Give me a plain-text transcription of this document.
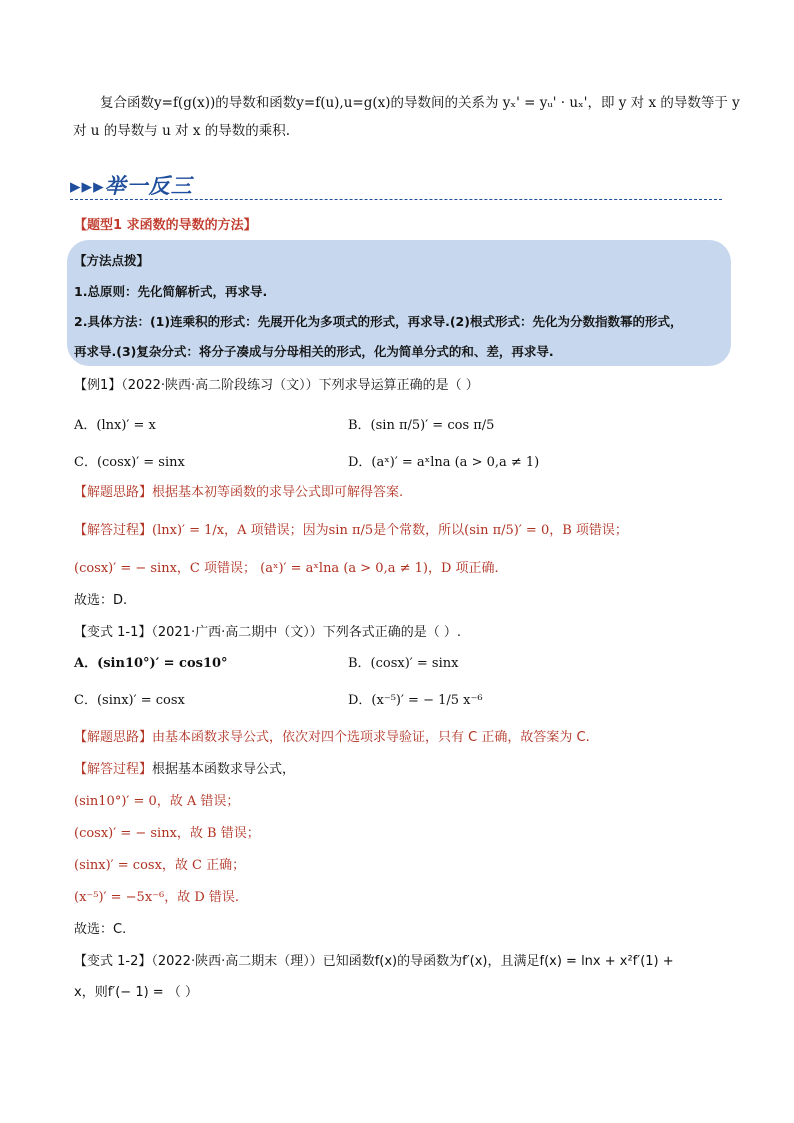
复合函数y=f(g(x))的导数和函数y=f(u),u=g(x)的导数间的关系为 yₓ' = yᵤ' · uₓ'，即 y 对 x 的导数等于 y
对 u 的导数与 u 对 x 的导数的乘积.
▸▸▸举一反三
【题型1 求函数的导数的方法】
【方法点拨】
1.总原则：先化简解析式，再求导.
2.具体方法：(1)连乘积的形式：先展开化为多项式的形式，再求导.(2)根式形式：先化为分数指数幂的形式，
再求导.(3)复杂分式：将分子凑成与分母相关的形式，化为简单分式的和、差，再求导.
【例1】（2022·陕西·高二阶段练习（文））下列求导运算正确的是（ ）
A．(lnx)′ = x	B．(sin π/5)′ = cos π/5
C．(cosx)′ = sinx	D．(aˣ)′ = aˣlna (a > 0,a ≠ 1)
【解题思路】根据基本初等函数的求导公式即可解得答案.
【解答过程】(lnx)′ = 1/x，A 项错误；因为sin π/5是个常数，所以(sin π/5)′ = 0，B 项错误；
(cosx)′ = − sinx，C 项错误； (aˣ)′ = aˣlna (a > 0,a ≠ 1)，D 项正确.
故选：D.
【变式 1-1】（2021·广西·高二期中（文））下列各式正确的是（ ）.
A．(sin10°)′ = cos10°	B．(cosx)′ = sinx
C．(sinx)′ = cosx	D．(x⁻⁵)′ = − 1/5 x⁻⁶
【解题思路】由基本函数求导公式，依次对四个选项求导验证，只有 C 正确，故答案为 C.
【解答过程】根据基本函数求导公式，
(sin10°)′ = 0，故 A 错误；
(cosx)′ = − sinx，故 B 错误；
(sinx)′ = cosx，故 C 正确；
(x⁻⁵)′ = −5x⁻⁶，故 D 错误.
故选：C.
【变式 1-2】（2022·陕西·高二期末（理））已知函数f(x)的导函数为f′(x)，且满足f(x) = lnx + x²f′(1) +
x，则f′(− 1) = （ ）
